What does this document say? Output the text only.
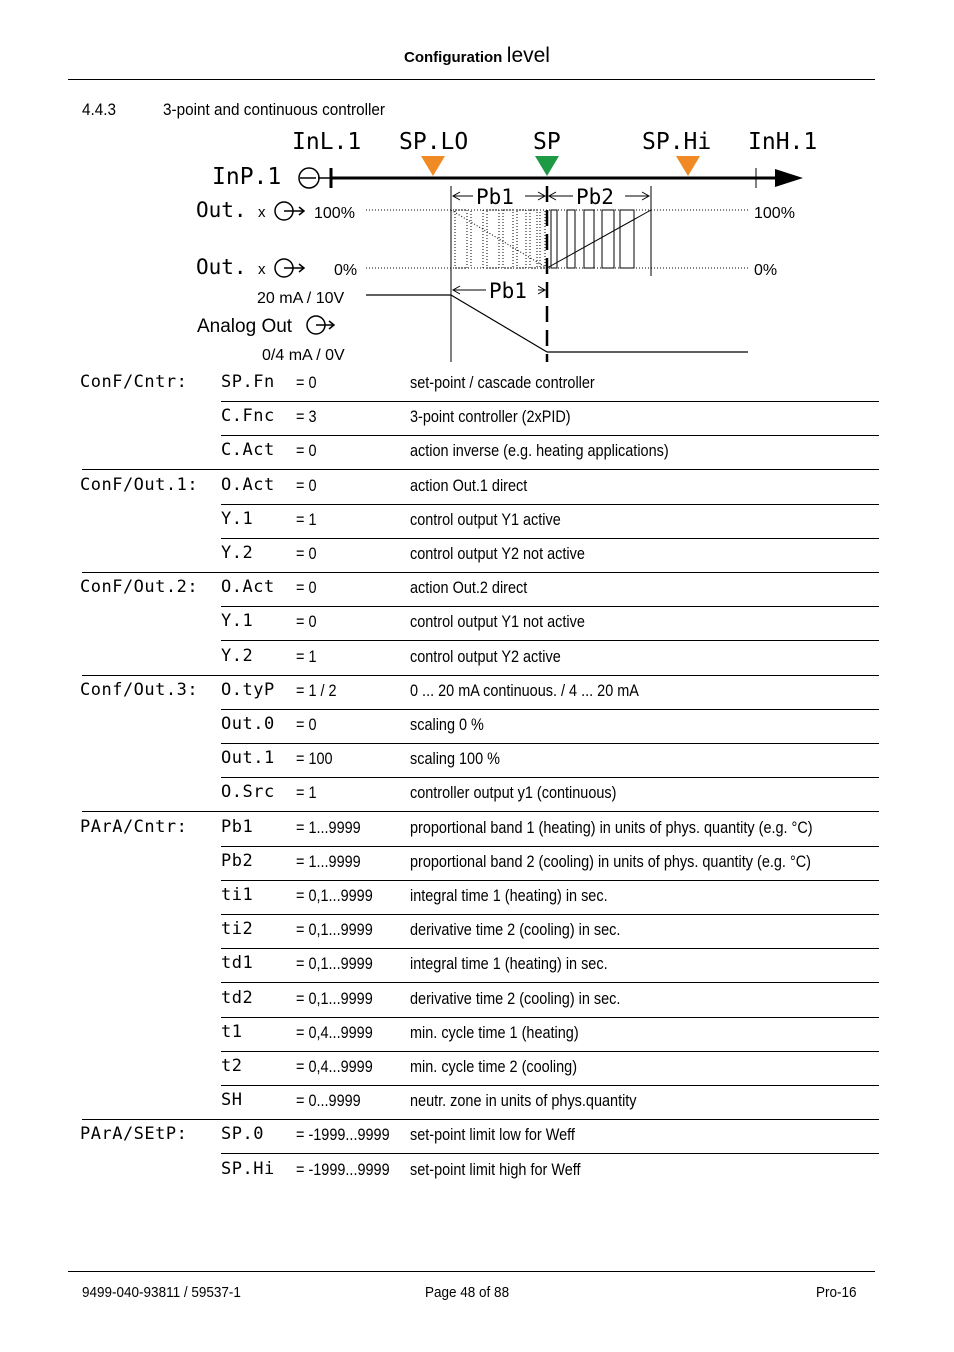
Configuration level
4.4.3	3-point and continuous controller
InL.1 SP.LO	SP	SP.Hi InH.1
InP.1
Out. x	100%
Out. x	0%
20 mA / 10V
Analog Out
0/4 mA / 0V
Pb1	Pb2
100%
0%
Pb1
ConF/Cntr: SP.Fn = 0	set-point / cascade controller
C.Fnc = 3	3-point controller (2xPID)
C.Act = 0	action inverse (e.g. heating applications)
ConF/Out.1: O.Act = 0	action Out.1 direct
Y.1	= 1	control output Y1 active
Y.2	= 0	control output Y2 not active
ConF/Out.2: O.Act = 0	action Out.2 direct
Y.1	= 0	control output Y1 not active
Y.2	= 1	control output Y2 active
Conf/Out.3: O.tyP = 1 / 2	0 ... 20 mA continuous. / 4 ... 20 mA
Out.0 = 0	scaling 0 %
Out.1 = 100	scaling 100 %
O.Src = 1	controller output y1 (continuous)
PArA/Cntr: Pb1	= 1...9999	proportional band 1 (heating) in units of phys. quantity (e.g. °C)
Pb2	= 1...9999	proportional band 2 (cooling) in units of phys. quantity (e.g. °C)
ti1	= 0,1...9999 integral time 1 (heating) in sec.
ti2	= 0,1...9999 derivative time 2 (cooling) in sec.
td1	= 0,1...9999 integral time 1 (heating) in sec.
td2	= 0,1...9999 derivative time 2 (cooling) in sec.
t1	= 0,4...9999 min. cycle time 1 (heating)
t2	= 0,4...9999 min. cycle time 2 (cooling)
SH	= 0...9999	neutr. zone in units of phys.quantity
PArA/SEtP: SP.0 = -1999...9999 set-point limit low for Weff
SP.Hi = -1999...9999 set-point limit high for Weff
9499-040-93811 / 59537-1	Page 48 of 88	Pro-16
